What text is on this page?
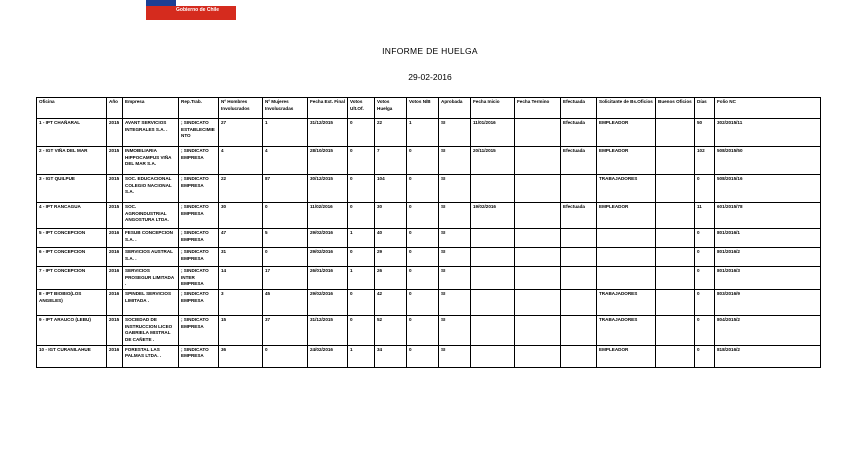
Gobierno de Chile
INFORME DE HUELGA
29-02-2016
Oficina	Año	Empresa	Rep.Trab.	Nº Hombres Involucrados	Nº Mujeres Involucradas	Fecha Ext. Final	Votos Ult.Of.	Votos Huelga	Votos N/B	Aprobada	Fecha Inicio	Fecha Termino	Efectuada	Solicitante de Bs.Oficios	Buenos Oficios	Días	Folio NC
1 - IPT CHAÑARAL	2015	AVANT SERVICIOS INTEGRALES S.A. .	; SINDICATO ESTABLECIMIENTO	27	1	31/12/2015	0	22	1	SI	11/01/2016		Efectuada	EMPLEADOR		50	302/2015/11
2 - IGT VIÑA DEL MAR	2015	INMOBILIARIA HIPPOCAMPUS VIÑA DEL MAR S.A.	; SINDICATO EMPRESA	4	4	28/10/2015	0	7	0	SI	20/11/2015		Efectuada	EMPLEADOR		102	508/2015/50
3 - IGT QUILPUE	2015	SOC. EDUCACIONAL COLEGIO NACIONAL S.A.	; SINDICATO EMPRESA	22	87	30/12/2015	0	104	0	SI				TRABAJADORES		0	508/2015/16
4 - IPT RANCAGUA	2015	SOC. AGROINDUSTRIAL ANGOSTURA LTDA.	; SINDICATO EMPRESA	30	0	11/02/2016	0	30	0	SI	19/02/2016		Efectuada	EMPLEADOR		11	601/2015/78
5 - IPT CONCEPCION	2016	FESUB CONCEPCION S.A. .	; SINDICATO EMPRESA	47	5	29/02/2016	1	40	0	SI						0	801/2016/1
6 - IPT CONCEPCION	2016	SERVICIOS AUSTRAL S.A. .	; SINDICATO EMPRESA	31	0	29/02/2016	0	29	0	SI						0	801/2016/2
7 - IPT CONCEPCION	2016	SERVICIOS PROSEGUR LIMITADA .	; SINDICATO INTER EMPRESA	14	17	26/01/2016	1	26	0	SI						0	801/2016/3
8 - IPT BIOBIO(LOS ANGELES)	2016	SPINDEL SERVICIOS LIMITADA .	; SINDICATO EMPRESA	3	45	29/02/2016	0	42	0	SI				TRABAJADORES		0	803/2016/9
9 - IPT ARAUCO (LEBU)	2015	SOCIEDAD DE INSTRUCCION LICEO GABRIELA MISTRAL DE CAÑETE .	; SINDICATO EMPRESA	15	37	31/12/2015	0	52	0	SI				TRABAJADORES		0	804/2015/2
10 - IGT CURANILAHUE	2016	FORESTAL LAS PALMAS LTDA. .	; SINDICATO EMPRESA	36	0	24/02/2016	1	34	0	SI				EMPLEADOR		0	818/2016/2
